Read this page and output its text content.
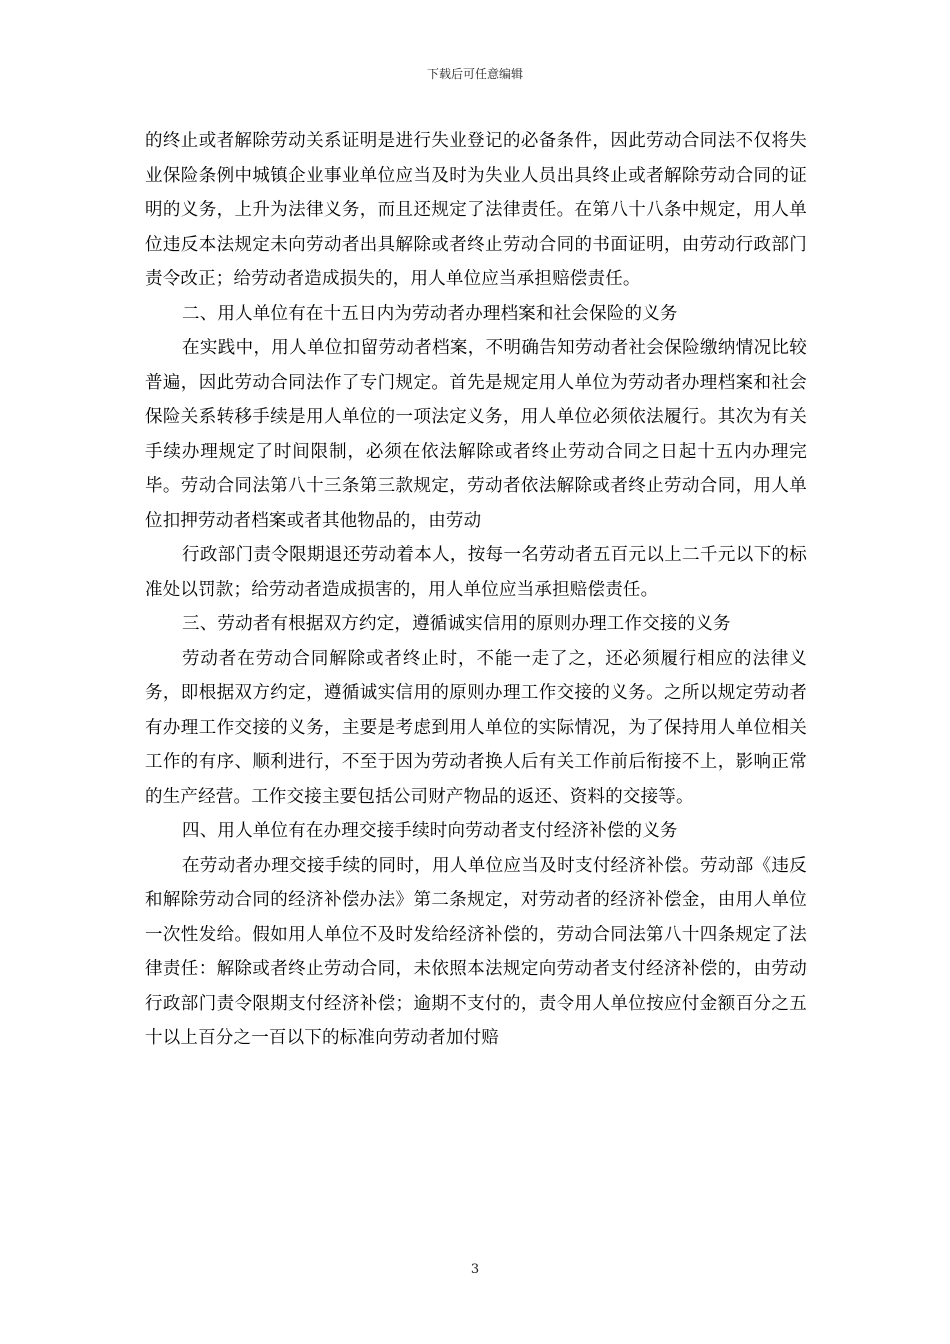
下载后可任意编辑

的终止或者解除劳动关系证明是进行失业登记的必备条件，因此劳动合同法不仅将失业保险条例中城镇企业事业单位应当及时为失业人员出具终止或者解除劳动合同的证明的义务，上升为法律义务，而且还规定了法律责任。在第八十八条中规定，用人单位违反本法规定未向劳动者出具解除或者终止劳动合同的书面证明，由劳动行政部门责令改正；给劳动者造成损失的，用人单位应当承担赔偿责任。

二、用人单位有在十五日内为劳动者办理档案和社会保险的义务

在实践中，用人单位扣留劳动者档案，不明确告知劳动者社会保险缴纳情况比较普遍，因此劳动合同法作了专门规定。首先是规定用人单位为劳动者办理档案和社会保险关系转移手续是用人单位的一项法定义务，用人单位必须依法履行。其次为有关手续办理规定了时间限制，必须在依法解除或者终止劳动合同之日起十五内办理完毕。劳动合同法第八十三条第三款规定，劳动者依法解除或者终止劳动合同，用人单位扣押劳动者档案或者其他物品的，由劳动

行政部门责令限期退还劳动着本人，按每一名劳动者五百元以上二千元以下的标准处以罚款；给劳动者造成损害的，用人单位应当承担赔偿责任。

三、劳动者有根据双方约定，遵循诚实信用的原则办理工作交接的义务

劳动者在劳动合同解除或者终止时，不能一走了之，还必须履行相应的法律义务，即根据双方约定，遵循诚实信用的原则办理工作交接的义务。之所以规定劳动者有办理工作交接的义务，主要是考虑到用人单位的实际情况，为了保持用人单位相关工作的有序、顺利进行，不至于因为劳动者换人后有关工作前后衔接不上，影响正常的生产经营。工作交接主要包括公司财产物品的返还、资料的交接等。

四、用人单位有在办理交接手续时向劳动者支付经济补偿的义务

在劳动者办理交接手续的同时，用人单位应当及时支付经济补偿。劳动部《违反和解除劳动合同的经济补偿办法》第二条规定，对劳动者的经济补偿金，由用人单位一次性发给。假如用人单位不及时发给经济补偿的，劳动合同法第八十四条规定了法律责任：解除或者终止劳动合同，未依照本法规定向劳动者支付经济补偿的，由劳动行政部门责令限期支付经济补偿；逾期不支付的，责令用人单位按应付金额百分之五十以上百分之一百以下的标准向劳动者加付赔

3
